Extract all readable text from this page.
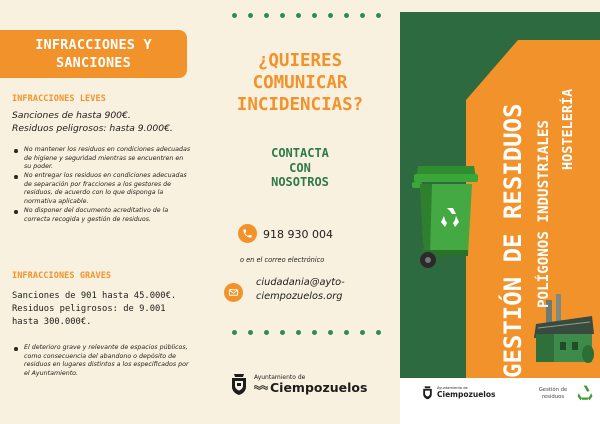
INFRACCIONES Y
SANCIONES
INFRACCIONES LEVES
Sanciones de hasta 900€.
Residuos peligrosos: hasta 9.000€.
No mantener los residuos en condiciones adecuadas de higiene y seguridad mientras se encuentren en su poder.
No entregar los residuos en condiciones adecuadas de separación por fracciones a los gestores de residuos, de acuerdo con lo que disponga la normativa aplicable.
No disponer del documento acreditativo de la correcta recogida y gestión de residuos.
INFRACCIONES GRAVES
Sanciones de 901 hasta 45.000€.
Residuos peligrosos: de 9.001 hasta 300.000€.
El deterioro grave y relevante de espacios públicos, como consecuencia del abandono o depósito de residuos en lugares distintos a los especificados por el Ayuntamiento.
¿QUIERES
COMUNICAR
INCIDENCIAS?
CONTACTA
CON
NOSOTROS
918 930 004
o en el correo electrónico
ciudadania@ayto-
ciempozuelos.org
Ayuntamiento de
Ciempozuelos
GESTIÓN DE RESIDUOS POLÍGONOS INDUSTRIALES HOSTELERÍA
Ayuntamiento de
Ciempozuelos	Gestión de residuos
